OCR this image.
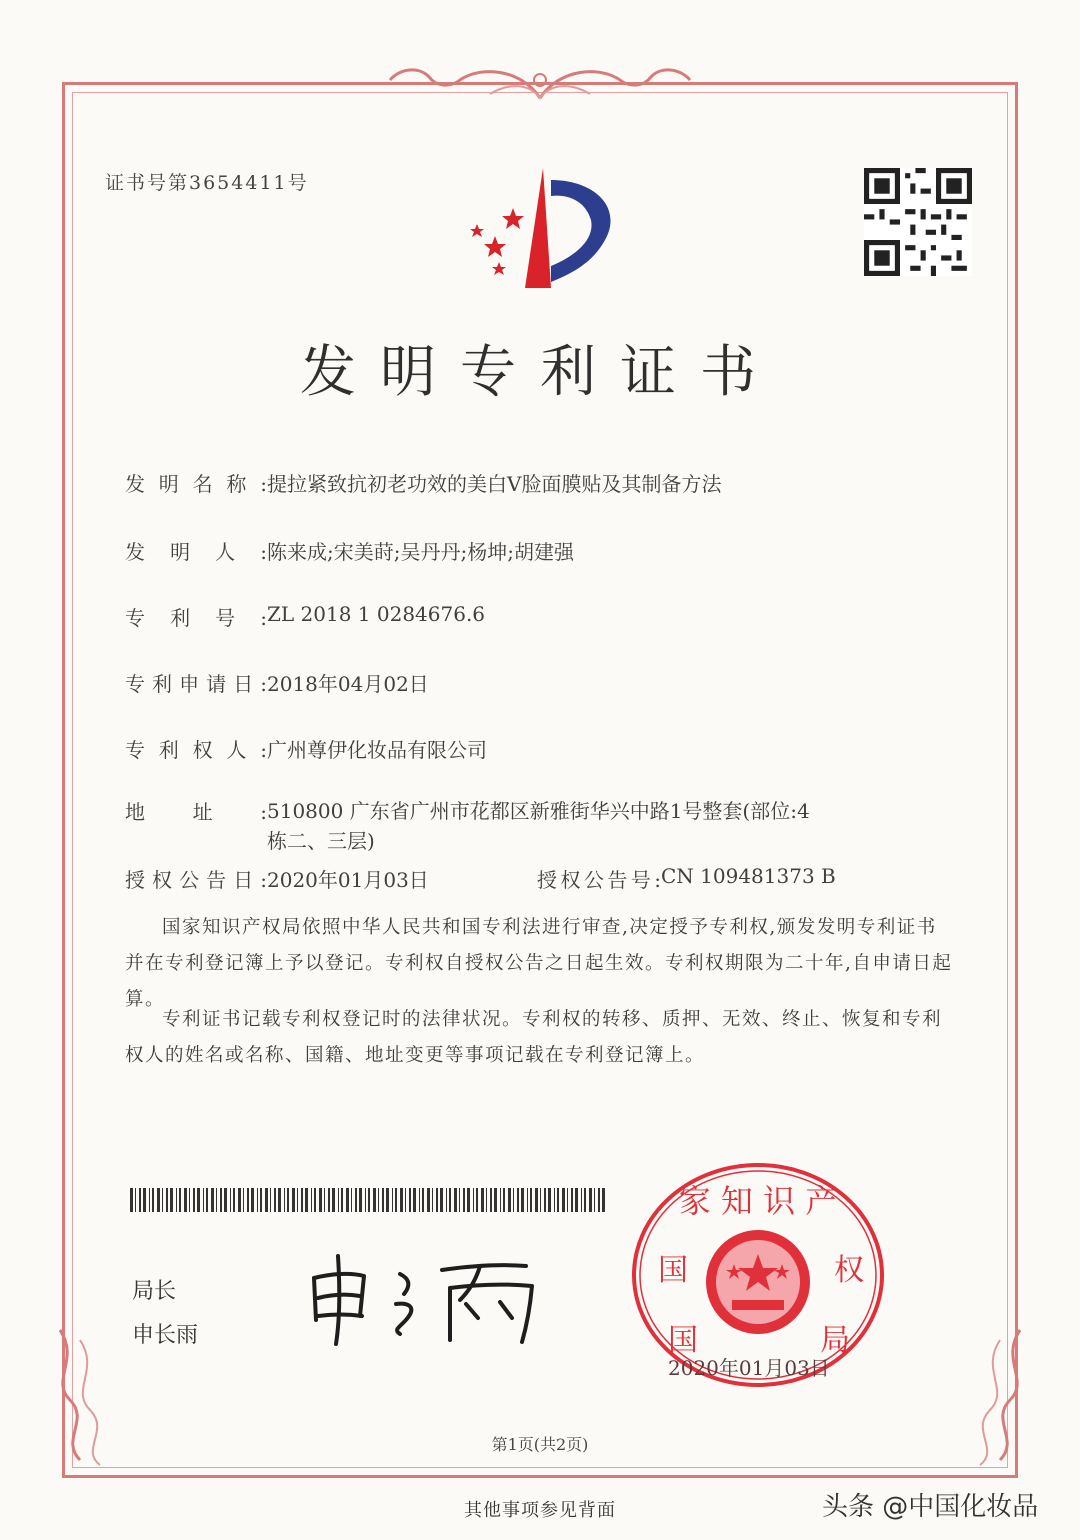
证书号第3654411号
发明专利证书
发明名称: 提拉紧致抗初老功效的美白V脸面膜贴及其制备方法
发明人: 陈来成;宋美莳;吴丹丹;杨坤;胡建强
专利号: ZL 2018 1 0284676.6
专利申请日: 2018年04月02日
专利权人: 广州尊伊化妆品有限公司
地址: 510800 广东省广州市花都区新雅街华兴中路1号整套(部位:4栋二、三层)
授权公告日: 2020年01月03日	授权公告号: CN 109481373 B
国家知识产权局依照中华人民共和国专利法进行审查,决定授予专利权,颁发发明专利证书并在专利登记簿上予以登记。专利权自授权公告之日起生效。专利权期限为二十年,自申请日起算。
专利证书记载专利权登记时的法律状况。专利权的转移、质押、无效、终止、恢复和专利权人的姓名或名称、国籍、地址变更等事项记载在专利登记簿上。
局长
申长雨
家 知 识 产
国	权
国	局
2020年01月03日
第1页(共2页)
其他事项参见背面	头条 @中国化妆品
